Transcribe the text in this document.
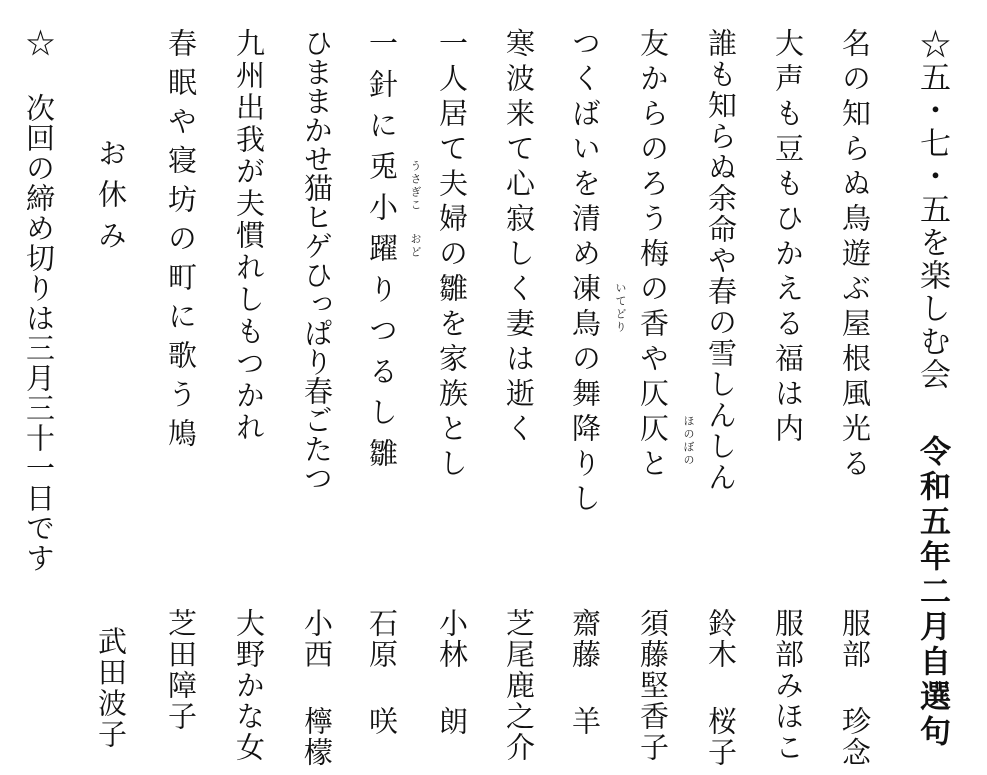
☆五・七・五を楽しむ会
令和五年二月自選句
名の知らぬ鳥遊ぶ屋根風光る
服部 珍念
大声も豆もひかえる福は内
服部みほこ
誰も知らぬ余命や春の雪しんしん
鈴木 桜子
友からのろう梅の香や仄仄と
須藤堅香子
ほのぼの
つくばいを清め凍鳥の舞降りし
齋藤 羊
いてどり
寒波来て心寂しく妻は逝く
芝尾鹿之介
一人居て夫婦の雛を家族とし
小林 朗
一針に兎小躍りつるし雛
石原 咲
うさぎこ
おど
ひままかせ猫ヒゲひっぱり春ごたつ
小西 檸檬
九州出我が夫慣れしもつかれ
大野かな女
春眠や寝坊の町に歌う鳩
芝田障子
お休み
武田波子
☆ 次回の締め切りは三月三十一日です
